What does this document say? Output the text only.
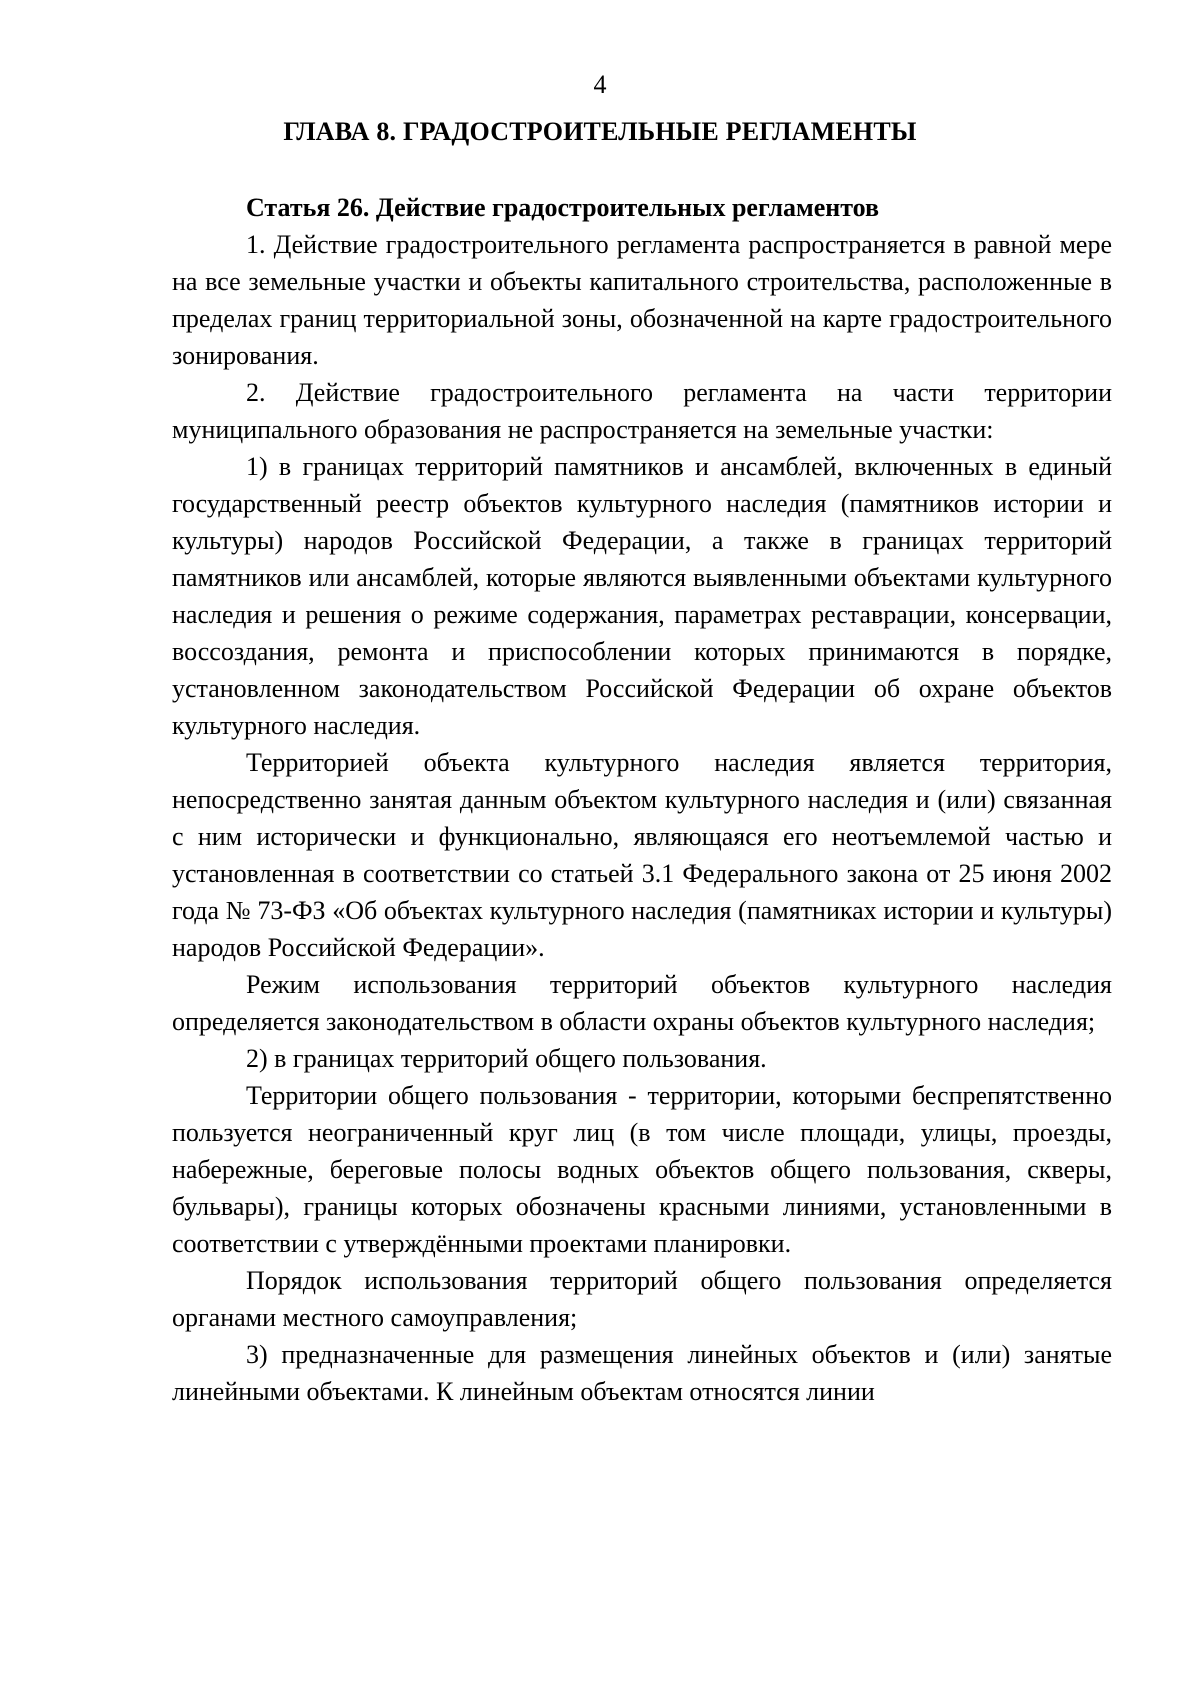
4
ГЛАВА 8. ГРАДОСТРОИТЕЛЬНЫЕ РЕГЛАМЕНТЫ

Статья 26. Действие градостроительных регламентов

1. Действие градостроительного регламента распространяется в равной мере на все земельные участки и объекты капитального строительства, расположенные в пределах границ территориальной зоны, обозначенной на карте градостроительного зонирования.

2. Действие градостроительного регламента на части территории муниципального образования не распространяется на земельные участки:

1) в границах территорий памятников и ансамблей, включенных в единый государственный реестр объектов культурного наследия (памятников истории и культуры) народов Российской Федерации, а также в границах территорий памятников или ансамблей, которые являются выявленными объектами культурного наследия и решения о режиме содержания, параметрах реставрации, консервации, воссоздания, ремонта и приспособлении которых принимаются в порядке, установленном законодательством Российской Федерации об охране объектов культурного наследия.

Территорией объекта культурного наследия является территория, непосредственно занятая данным объектом культурного наследия и (или) связанная с ним исторически и функционально, являющаяся его неотъемлемой частью и установленная в соответствии со статьей 3.1 Федерального закона от 25 июня 2002 года № 73-ФЗ «Об объектах культурного наследия (памятниках истории и культуры) народов Российской Федерации».

Режим использования территорий объектов культурного наследия определяется законодательством в области охраны объектов культурного наследия;

2) в границах территорий общего пользования.

Территории общего пользования - территории, которыми беспрепятственно пользуется неограниченный круг лиц (в том числе площади, улицы, проезды, набережные, береговые полосы водных объектов общего пользования, скверы, бульвары), границы которых обозначены красными линиями, установленными в соответствии с утверждёнными проектами планировки.

Порядок использования территорий общего пользования определяется органами местного самоуправления;

3) предназначенные для размещения линейных объектов и (или) занятые линейными объектами. К линейным объектам относятся линии
